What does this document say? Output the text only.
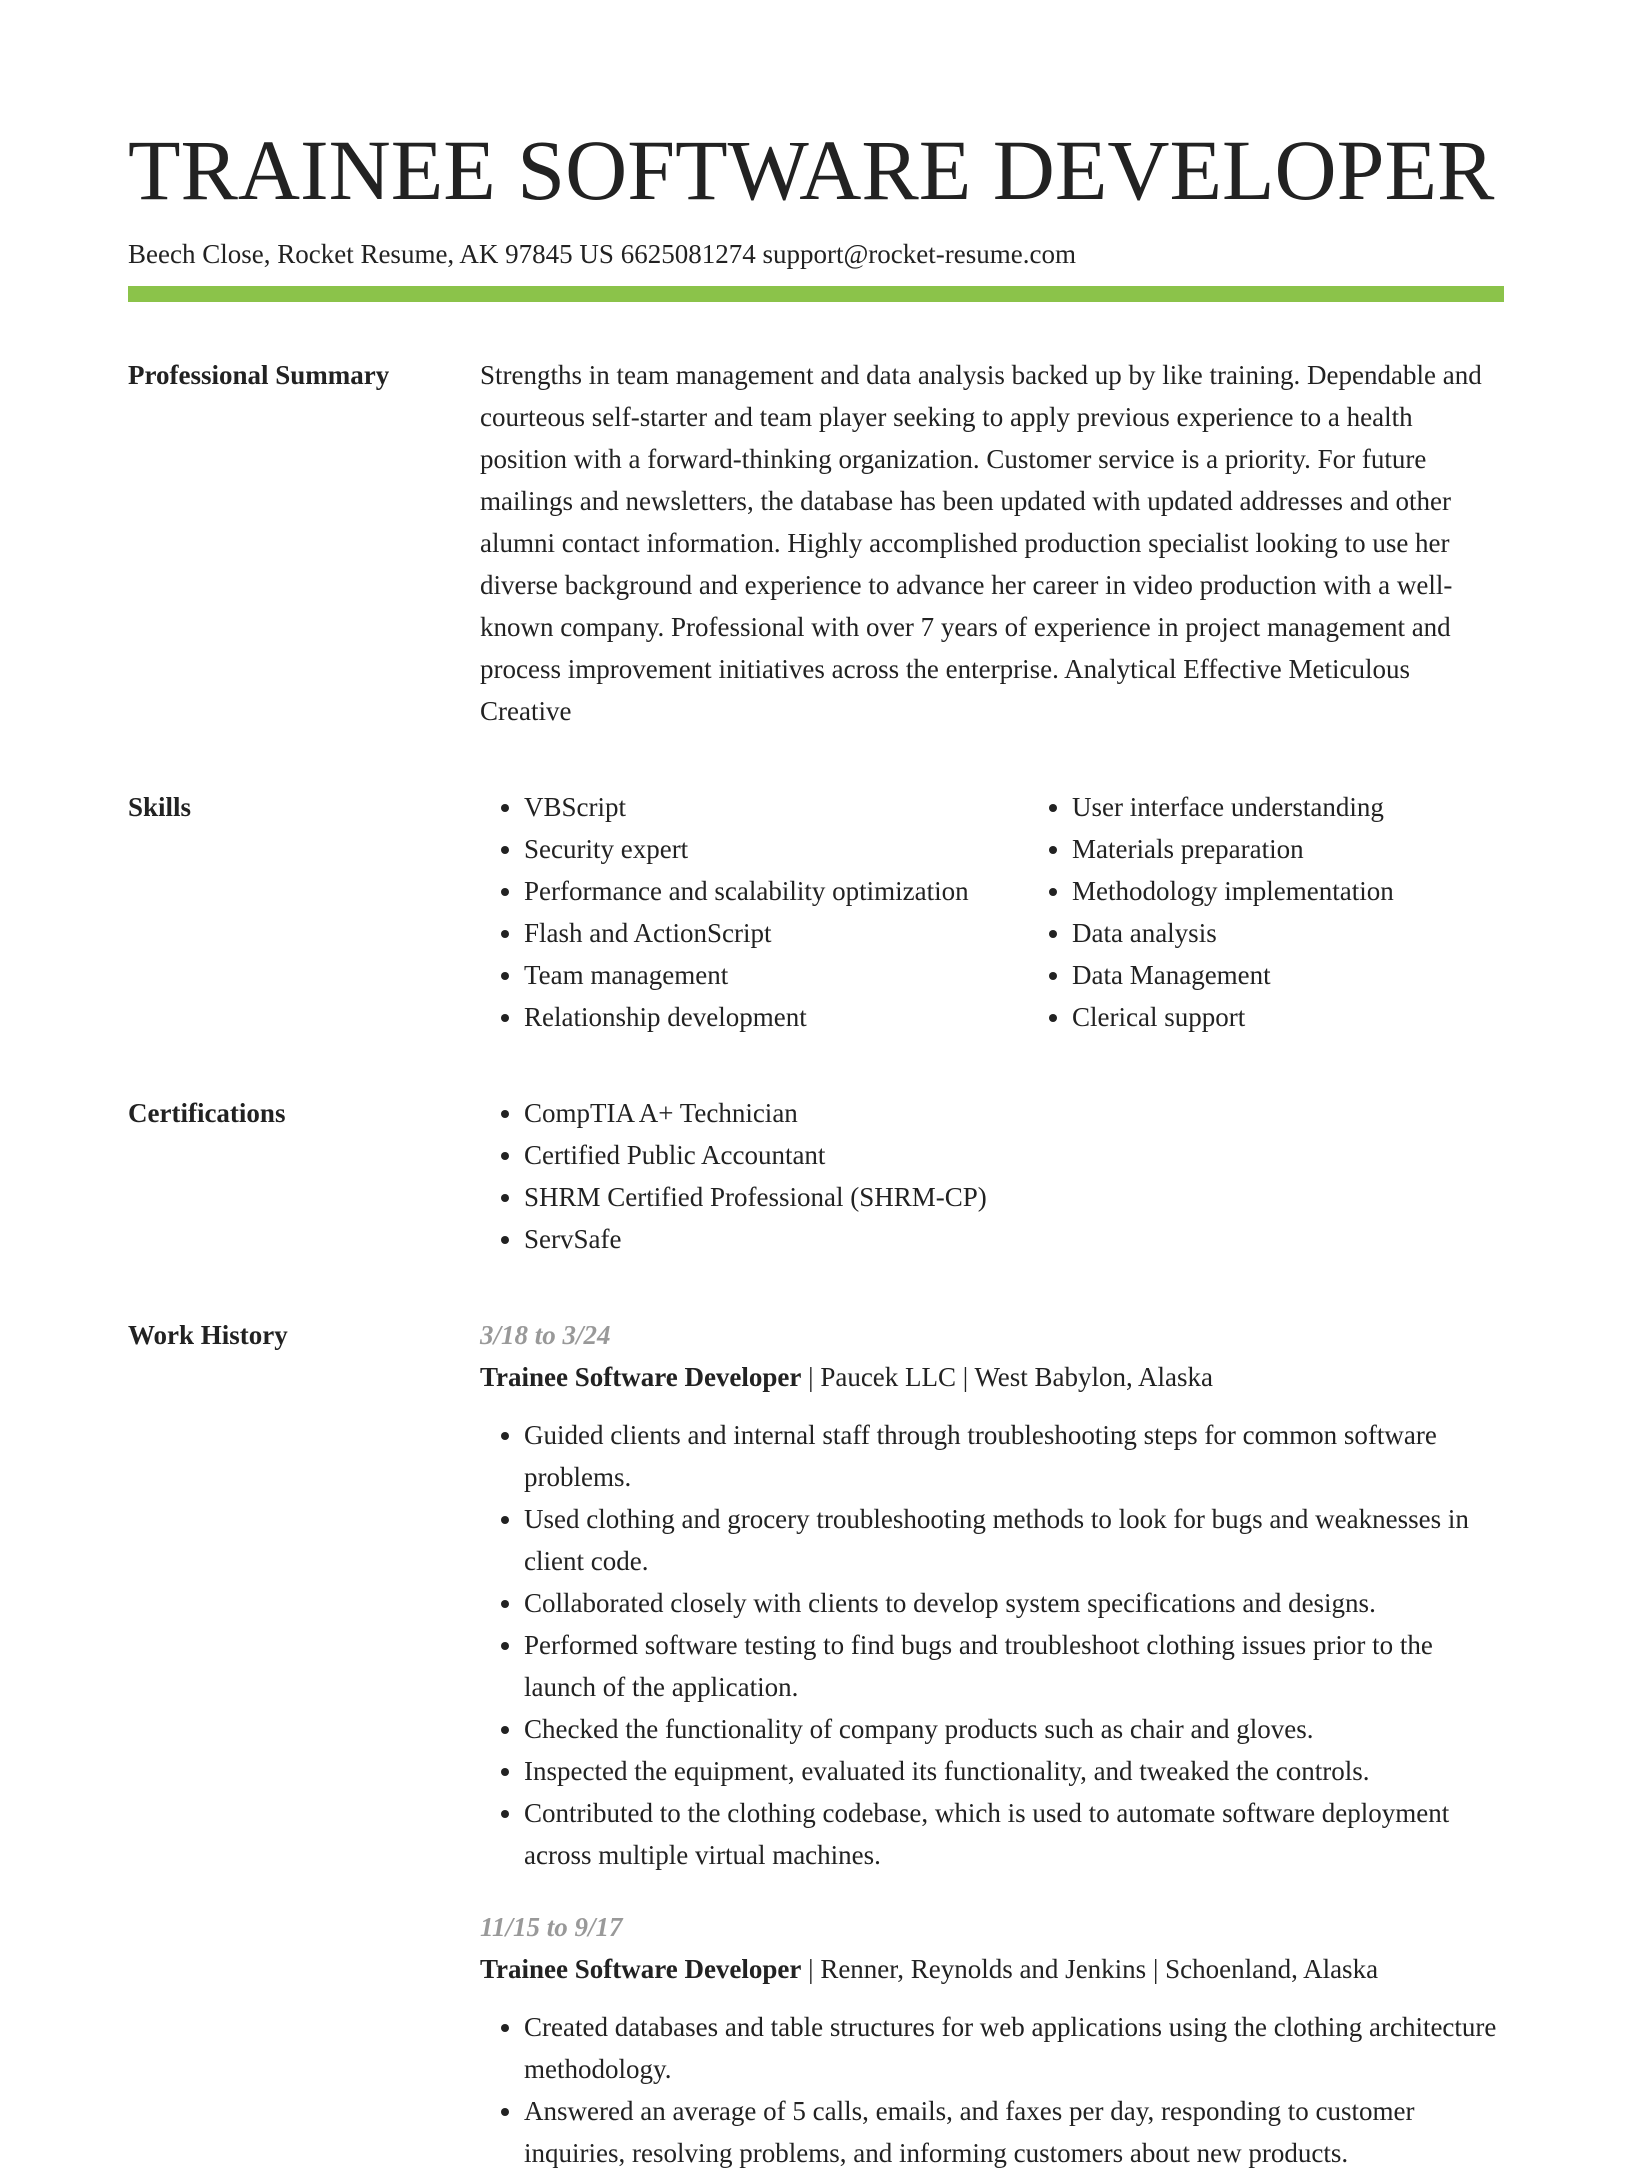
TRAINEE SOFTWARE DEVELOPER
Beech Close, Rocket Resume, AK 97845 US 6625081274 support@rocket-resume.com
Professional Summary	Strengths in team management and data analysis backed up by like training. Dependable and courteous self-starter and team player seeking to apply previous experience to a health position with a forward-thinking organization. Customer service is a priority. For future mailings and newsletters, the database has been updated with updated addresses and other alumni contact information. Highly accomplished production specialist looking to use her diverse background and experience to advance her career in video production with a well-known company. Professional with over 7 years of experience in project management and process improvement initiatives across the enterprise. Analytical Effective Meticulous Creative

Skills	• VBScript
• Security expert
• Performance and scalability optimization
• Flash and ActionScript
• Team management
• Relationship development
• User interface understanding
• Materials preparation
• Methodology implementation
• Data analysis
• Data Management
• Clerical support
Certifications	• CompTIA A+ Technician
• Certified Public Accountant
• SHRM Certified Professional (SHRM-CP)
• ServSafe
Work History	3/18 to 3/24
Trainee Software Developer | Paucek LLC | West Babylon, Alaska
• Guided clients and internal staff through troubleshooting steps for common software problems.
• Used clothing and grocery troubleshooting methods to look for bugs and weaknesses in client code.
• Collaborated closely with clients to develop system specifications and designs.
• Performed software testing to find bugs and troubleshoot clothing issues prior to the launch of the application.
• Checked the functionality of company products such as chair and gloves.
• Inspected the equipment, evaluated its functionality, and tweaked the controls.
• Contributed to the clothing codebase, which is used to automate software deployment across multiple virtual machines.
11/15 to 9/17
Trainee Software Developer | Renner, Reynolds and Jenkins | Schoenland, Alaska
• Created databases and table structures for web applications using the clothing architecture methodology.
• Answered an average of 5 calls, emails, and faxes per day, responding to customer inquiries, resolving problems, and informing customers about new products.
